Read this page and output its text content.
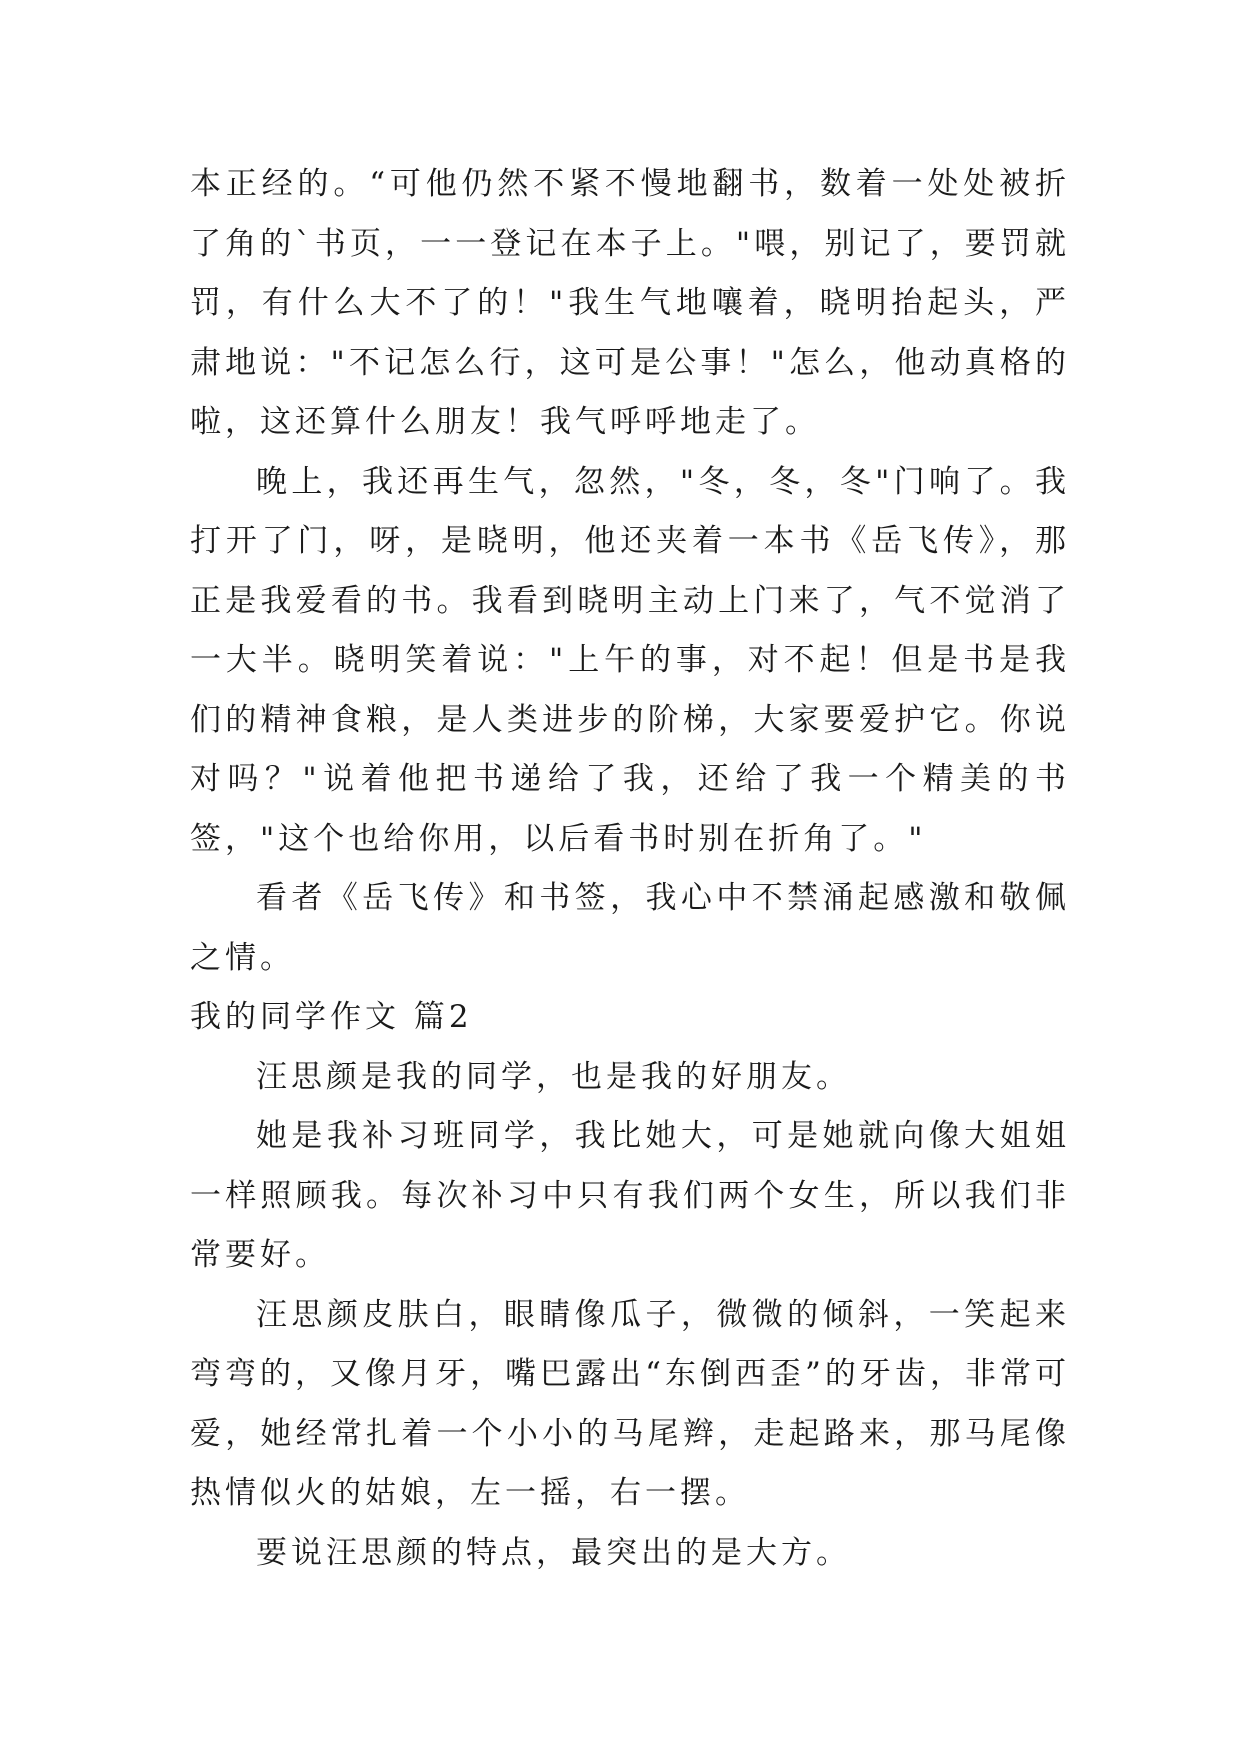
本正经的。“可他仍然不紧不慢地翻书，数着一处处被折了角的`书页，一一登记在本子上。"喂，别记了，要罚就罚，有什么大不了的！"我生气地嚷着，晓明抬起头，严肃地说："不记怎么行，这可是公事！"怎么，他动真格的啦，这还算什么朋友！我气呼呼地走了。

晚上，我还再生气，忽然，"冬，冬，冬"门响了。我打开了门，呀，是晓明，他还夹着一本书《岳飞传》，那正是我爱看的书。我看到晓明主动上门来了，气不觉消了一大半。晓明笑着说："上午的事，对不起！但是书是我们的精神食粮，是人类进步的阶梯，大家要爱护它。你说对吗？"说着他把书递给了我，还给了我一个精美的书签，"这个也给你用，以后看书时别在折角了。"

看者《岳飞传》和书签，我心中不禁涌起感激和敬佩之情。

我的同学作文 篇2

汪思颜是我的同学，也是我的好朋友。

她是我补习班同学，我比她大，可是她就向像大姐姐一样照顾我。每次补习中只有我们两个女生，所以我们非常要好。

汪思颜皮肤白，眼睛像瓜子，微微的倾斜，一笑起来弯弯的，又像月牙，嘴巴露出“东倒西歪”的牙齿，非常可爱，她经常扎着一个小小的马尾辫，走起路来，那马尾像热情似火的姑娘，左一摇，右一摆。

要说汪思颜的特点，最突出的是大方。
